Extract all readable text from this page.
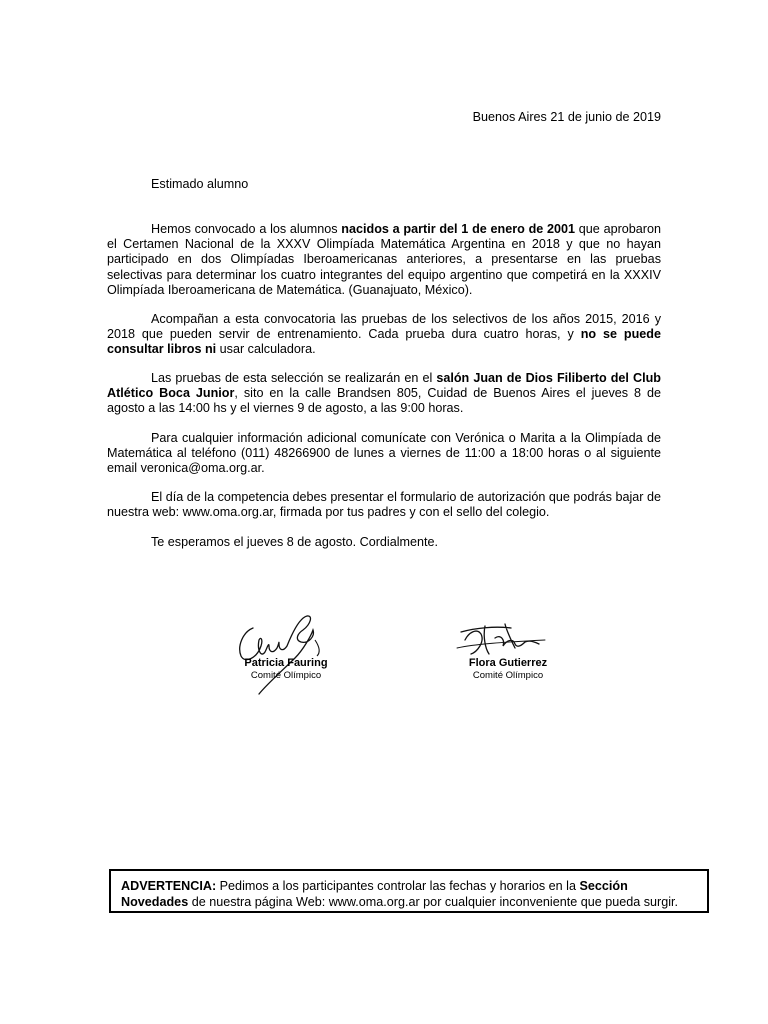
Buenos Aires 21 de junio de 2019
Estimado alumno

Hemos convocado a los alumnos nacidos a partir del 1 de enero de 2001 que aprobaron el Certamen Nacional de la XXXV Olimpíada Matemática Argentina en 2018 y que no hayan participado en dos Olimpíadas Iberoamericanas anteriores, a presentarse en las pruebas selectivas para determinar los cuatro integrantes del equipo argentino que competirá en la XXXIV Olimpíada Iberoamericana de Matemática. (Guanajuato, México).

Acompañan a esta convocatoria las pruebas de los selectivos de los años 2015, 2016 y 2018 que pueden servir de entrenamiento. Cada prueba dura cuatro horas, y no se puede consultar libros ni usar calculadora.

Las pruebas de esta selección se realizarán en el salón Juan de Dios Filiberto del Club Atlético Boca Junior, sito en la calle Brandsen 805, Cuidad de Buenos Aires el jueves 8 de agosto a las 14:00 hs y el viernes 9 de agosto, a las 9:00 horas.

Para cualquier información adicional comunícate con Verónica o Marita a la Olimpíada de Matemática al teléfono (011) 48266900 de lunes a viernes de 11:00 a 18:00 horas o al siguiente email veronica@oma.org.ar.

El día de la competencia debes presentar el formulario de autorización que podrás bajar de nuestra web: www.oma.org.ar, firmada por tus padres y con el sello del colegio.

Te esperamos el jueves 8 de agosto. Cordialmente.

Patricia Fauring
Comité Olímpico
Flora Gutierrez
Comité Olímpico
ADVERTENCIA: Pedimos a los participantes controlar las fechas y horarios en la Sección Novedades de nuestra página Web: www.oma.org.ar por cualquier inconveniente que pueda surgir.
